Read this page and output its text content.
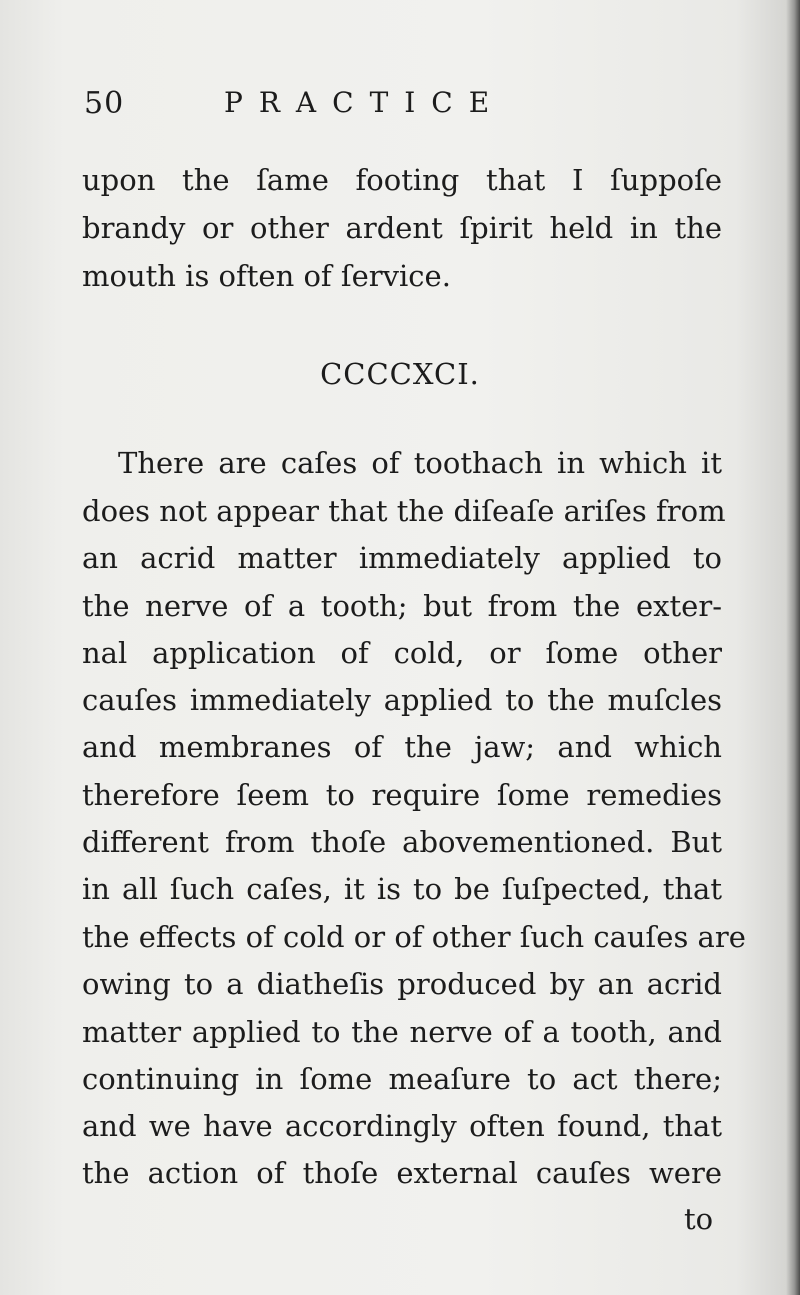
50	PRACTICE
upon the ſame footing that I ſuppoſe
brandy or other ardent ſpirit held in the
mouth is often of ſervice.
CCCCXCI.
There are caſes of toothach in which it
does not appear that the diſeaſe ariſes from
an acrid matter immediately applied to
the nerve of a tooth; but from the exter-
nal application of cold, or ſome other
cauſes immediately applied to the muſcles
and membranes of the jaw; and which
therefore ſeem to require ſome remedies
different from thoſe abovementioned. But
in all ſuch caſes, it is to be ſuſpected, that
the effects of cold or of other ſuch cauſes are
owing to a diatheſis produced by an acrid
matter applied to the nerve of a tooth, and
continuing in ſome meaſure to act there;
and we have accordingly often found, that
the action of thoſe external cauſes were
to
